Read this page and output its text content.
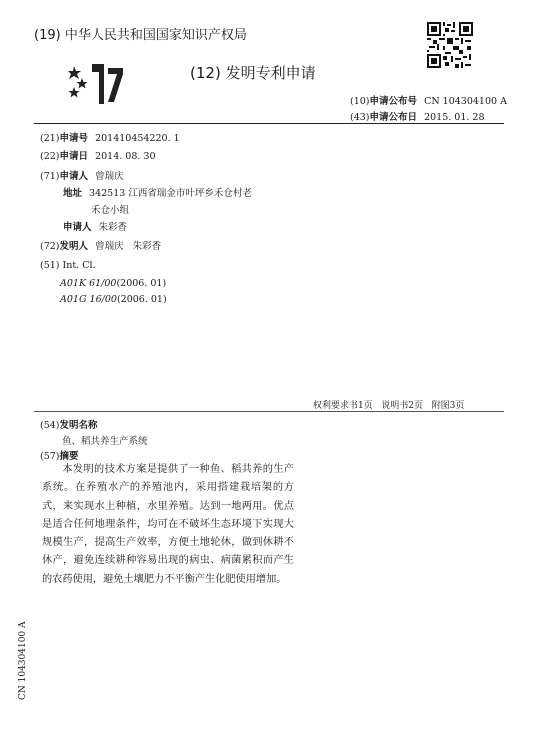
(19) 中华人民共和国国家知识产权局
(12) 发明专利申请
(10)申请公布号 CN 104304100 A
(43)申请公布日 2015. 01. 28
(21)申请号 201410454220. 1
(22)申请日 2014. 08. 30
(71)申请人 曾瑞庆
地址 342513 江西省瑞金市叶坪乡禾仓村老
禾仓小组
申请人 朱彩香
(72)发明人 曾瑞庆   朱彩香
(51) Int. Cl.
A01K 61/00(2006. 01)
A01G 16/00(2006. 01)
权利要求书1页   说明书2页   附图3页
(54)发明名称
鱼、稻共养生产系统
(57)摘要
本发明的技术方案是提供了一种鱼、稻共养的生产系统。在养殖水产的养殖池内，采用搭建栽培架的方式，来实现水上种植，水里养殖。达到一地两用。优点是适合任何地理条件，均可在不破坏生态环境下实现大规模生产，提高生产效率，方便土地轮休，做到休耕不休产，避免连续耕种容易出现的病虫、病菌累积而产生的农药使用，避免土壤肥力不平衡产生化肥使用增加。
CN 104304100 A
